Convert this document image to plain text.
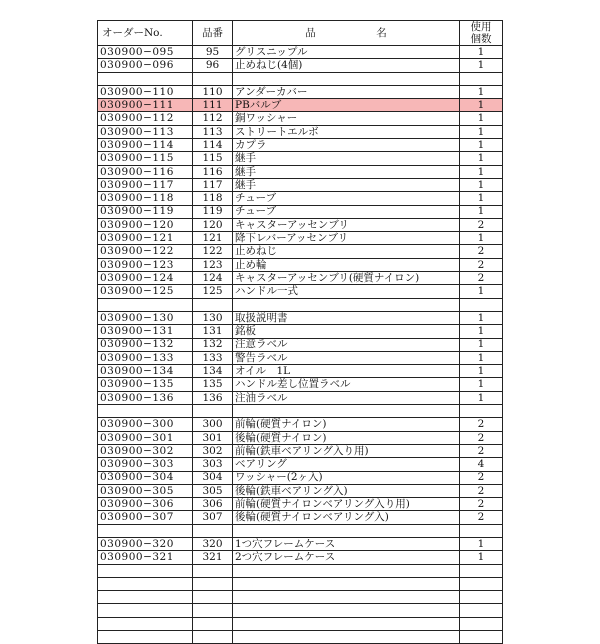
オーダーNo.	品番	品 名	使用
個数

030900−095	95	グリスニップル	1
030900−096	96	止めねじ(4個)	1

030900−110	110	アンダーカバー	1
030900−111	111	PBバルブ	1
030900−112	112	銅ワッシャー	1
030900−113	113	ストリートエルボ	1
030900−114	114	カプラ	1
030900−115	115	継手	1
030900−116	116	継手	1
030900−117	117	継手	1
030900−118	118	チューブ	1
030900−119	119	チューブ	1
030900−120	120	キャスターアッセンブリ	2
030900−121	121	降下レバーアッセンブリ	1
030900−122	122	止めねじ	2
030900−123	123	止め輪	2
030900−124	124	キャスターアッセンブリ(硬質ナイロン)	2
030900−125	125	ハンドル一式	1

030900−130	130	取扱説明書	1
030900−131	131	銘板	1
030900−132	132	注意ラベル	1
030900−133	133	警告ラベル	1
030900−134	134	オイル　1L	1
030900−135	135	ハンドル差し位置ラベル	1
030900−136	136	注油ラベル	1

030900−300	300	前輪(硬質ナイロン)	2
030900−301	301	後輪(硬質ナイロン)	2
030900−302	302	前輪(鉄車ベアリング入り用)	2
030900−303	303	ベアリング	4
030900−304	304	ワッシャー(2ヶ入)	2
030900−305	305	後輪(鉄車ベアリング入)	2
030900−306	306	前輪(硬質ナイロンベアリング入り用)	2
030900−307	307	後輪(硬質ナイロンベアリング入)	2

030900−320	320	1つ穴フレームケース	1
030900−321	321	2つ穴フレームケース	1
